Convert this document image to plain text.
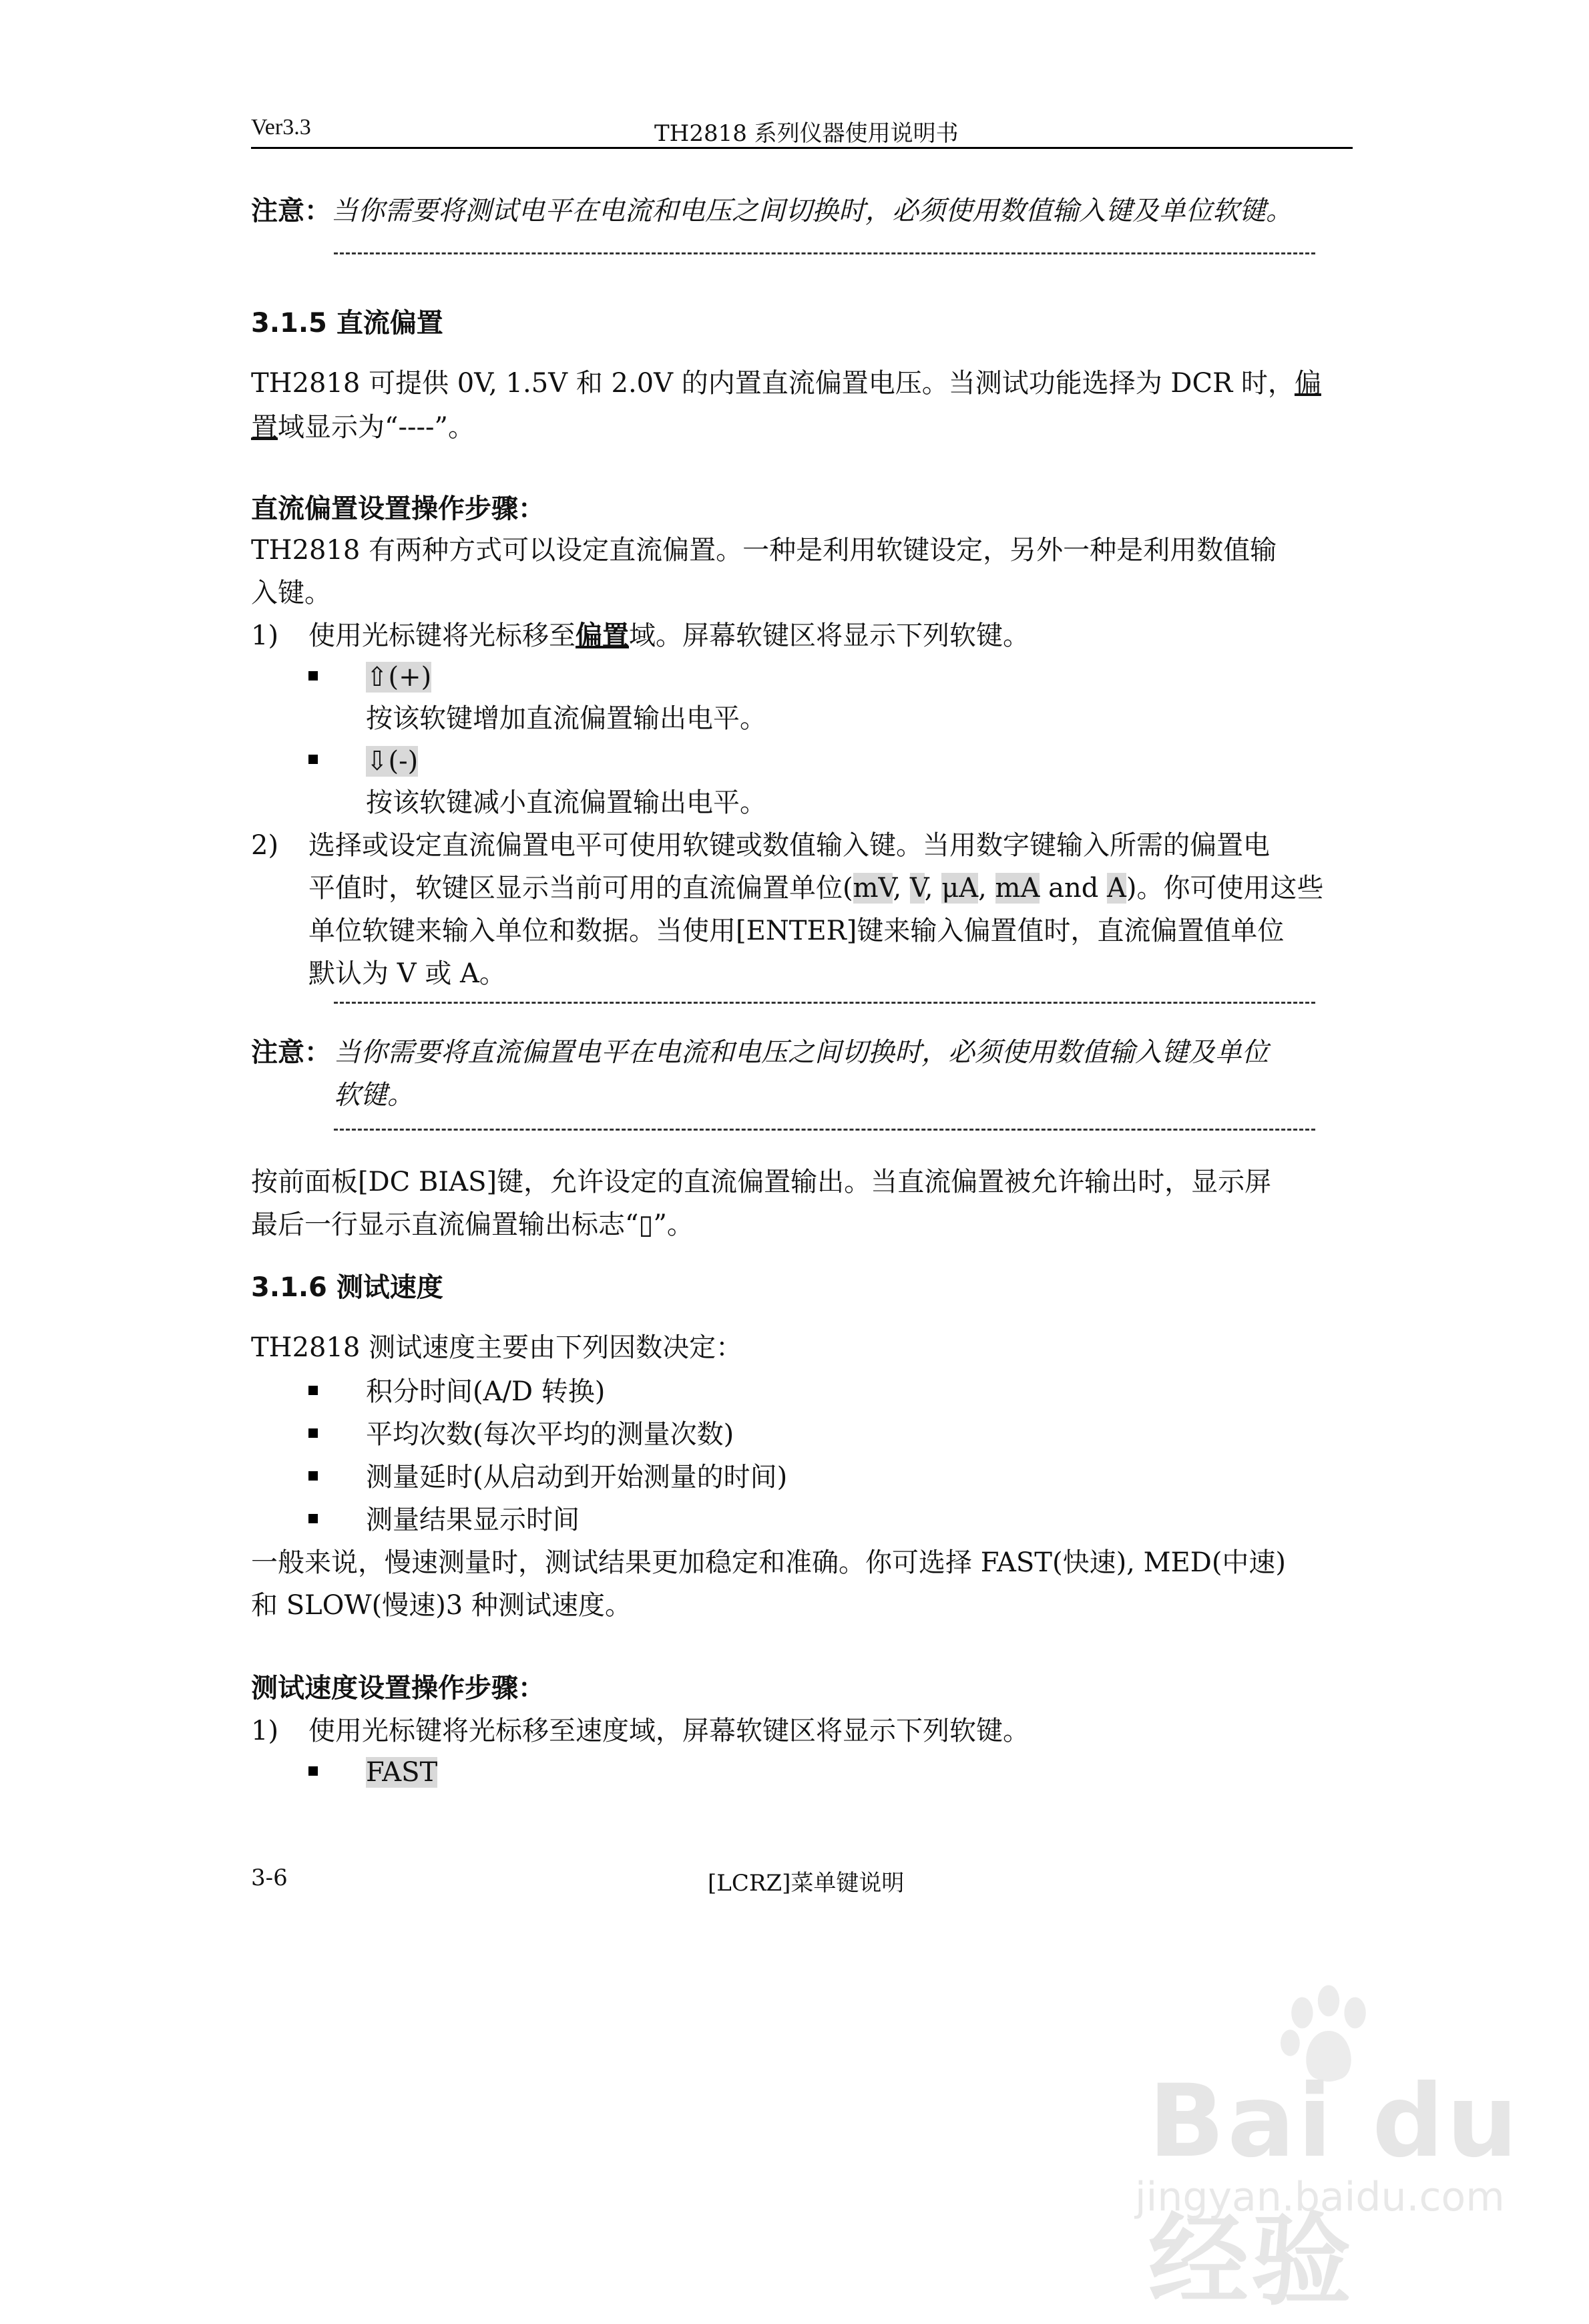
Ver3.3	TH2818 系列仪器使用说明书
注意：当你需要将测试电平在电流和电压之间切换时，必须使用数值输入键及单位软键。
3.1.5 直流偏置
TH2818 可提供 0V, 1.5V 和 2.0V 的内置直流偏置电压。当测试功能选择为 DCR 时，偏
置域显示为“----”。
直流偏置设置操作步骤：
TH2818 有两种方式可以设定直流偏置。一种是利用软键设定，另外一种是利用数值输
入键。
1) 使用光标键将光标移至偏置域。屏幕软键区将显示下列软键。
⇧(+)
按该软键增加直流偏置输出电平。
⇩(-)
按该软键减小直流偏置输出电平。
2) 选择或设定直流偏置电平可使用软键或数值输入键。当用数字键输入所需的偏置电
平值时，软键区显示当前可用的直流偏置单位(mV, V, μA, mA and A)。你可使用这些
单位软键来输入单位和数据。当使用[ENTER]键来输入偏置值时，直流偏置值单位
默认为 V 或 A。
注意： 当你需要将直流偏置电平在电流和电压之间切换时，必须使用数值输入键及单位
软键。
按前面板[DC BIAS]键，允许设定的直流偏置输出。当直流偏置被允许输出时，显示屏
最后一行显示直流偏置输出标志“▯”。
3.1.6 测试速度
TH2818 测试速度主要由下列因数决定：
积分时间(A/D 转换)
平均次数(每次平均的测量次数)
测量延时(从启动到开始测量的时间)
测量结果显示时间
一般来说，慢速测量时，测试结果更加稳定和准确。你可选择 FAST(快速), MED(中速)
和 SLOW(慢速)3 种测试速度。
测试速度设置操作步骤：
1) 使用光标键将光标移至速度域，屏幕软键区将显示下列软键。
FAST
3-6	[LCRZ]菜单键说明
Bai du 经验
jingyan.baidu.com
